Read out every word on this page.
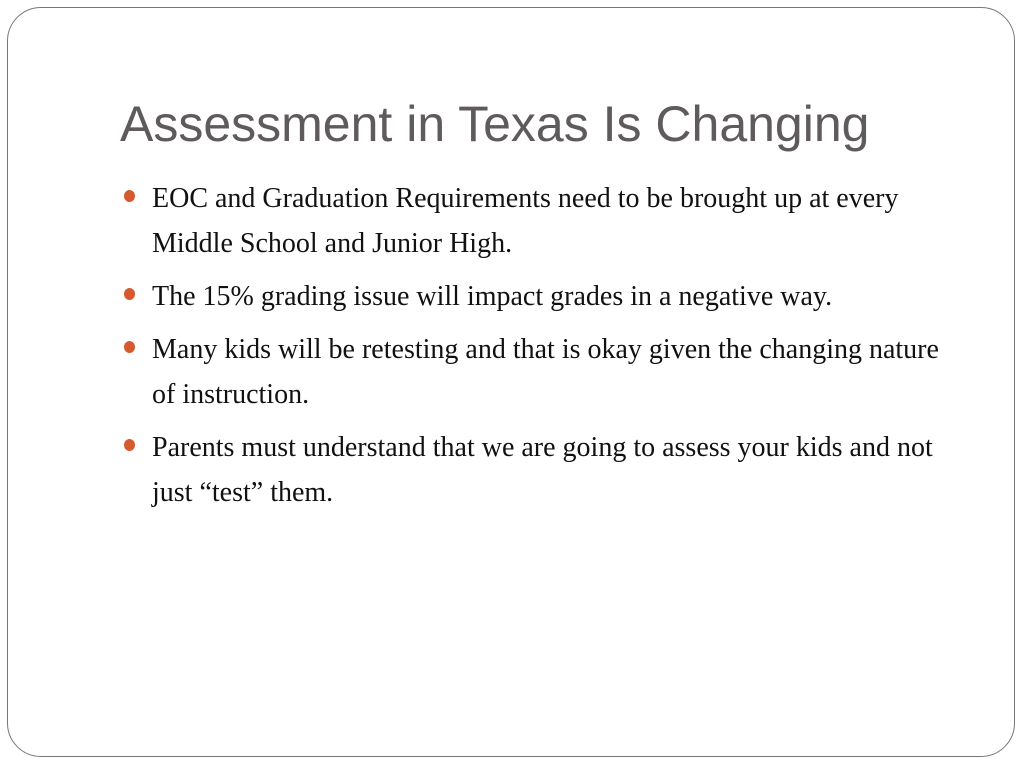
Assessment in Texas Is Changing
EOC and Graduation Requirements need to be brought up at every Middle School and Junior High.
The 15% grading issue will impact grades in a negative way.
Many kids will be retesting and that is okay given the changing nature of instruction.
Parents must understand that we are going to assess your kids and not just “test” them.
